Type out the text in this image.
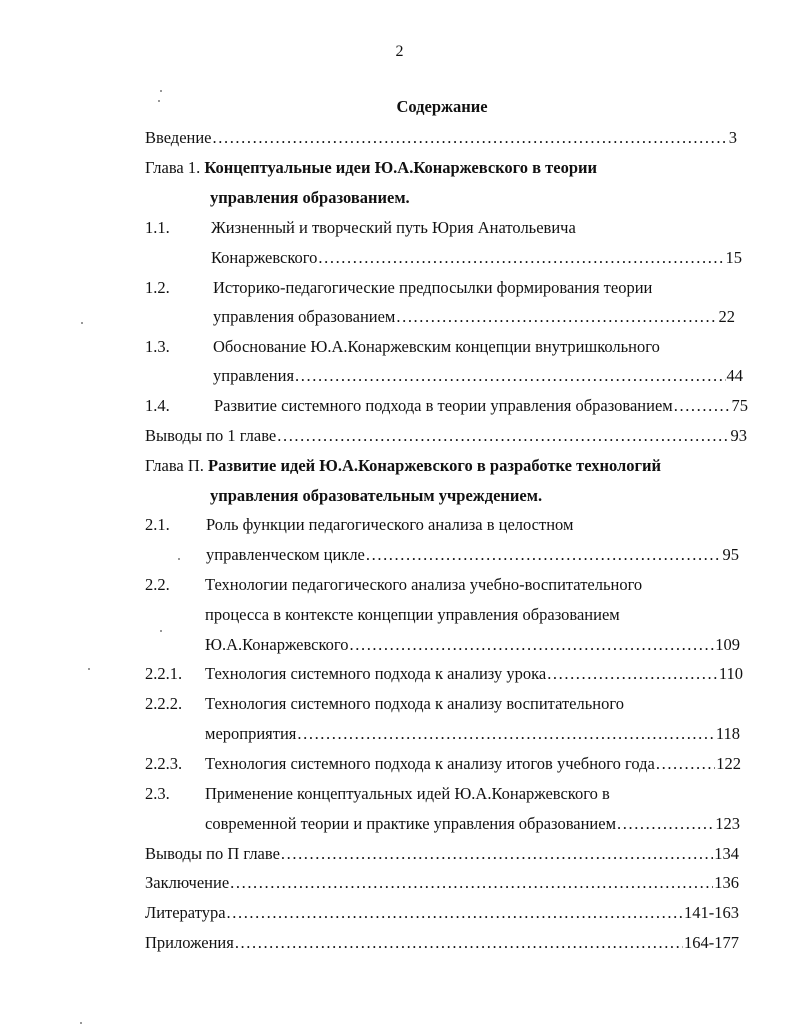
2
Содержание
Введение .....	3
Глава 1. Концептуальные идеи Ю.А.Конаржевского в теории
управления образованием.
1.1.	Жизненный и творческий путь Юрия Анатольевича
Конаржевского .....	15
1.2.	Историко-педагогические предпосылки формирования теории
управления образованием .....	22
1.3.	Обоснование Ю.А.Конаржевским концепции внутришкольного
управления .....	44
1.4.	Развитие системного подхода в теории управления образованием .....	75
Выводы по 1 главе .....	93
Глава П. Развитие идей Ю.А.Конаржевского в разработке технологий
управления образовательным учреждением.
2.1. Роль функции педагогического анализа в целостном
управленческом цикле .....	95
2.2. Технологии педагогического анализа учебно-воспитательного
процесса в контексте концепции управления образованием
Ю.А.Конаржевского .....	109
2.2.1. Технология системного подхода к анализу урока .....	110
2.2.2. Технология системного подхода к анализу воспитательного
мероприятия .....	118
2.2.3. Технология системного подхода к анализу итогов учебного года .....	122
2.3. Применение концептуальных идей Ю.А.Конаржевского в
современной теории и практике управления образованием .....	123
Выводы по П главе .....	134
Заключение .....	136
Литература .....	141-163
Приложения .....	164-177
